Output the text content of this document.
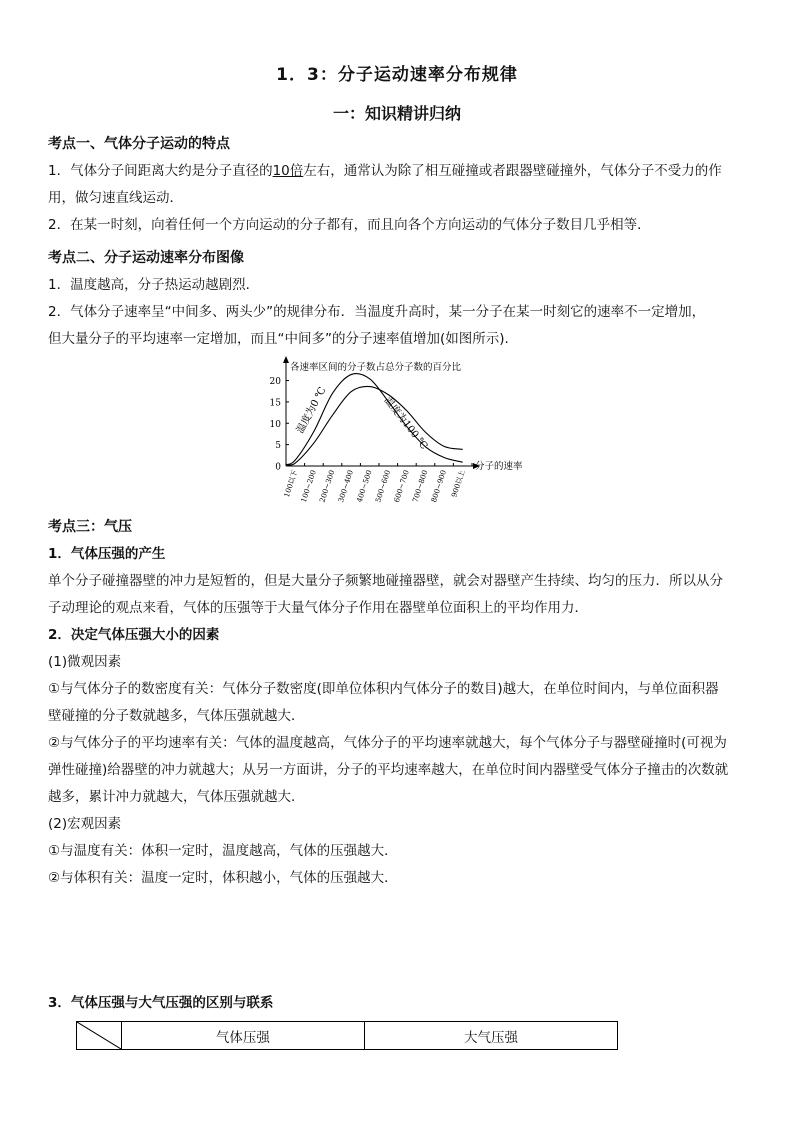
1．3：分子运动速率分布规律
一：知识精讲归纳
考点一、气体分子运动的特点
1．气体分子间距离大约是分子直径的10倍左右，通常认为除了相互碰撞或者跟器壁碰撞外，气体分子不受力的作
用，做匀速直线运动．
2．在某一时刻，向着任何一个方向运动的分子都有，而且向各个方向运动的气体分子数目几乎相等．
考点二、分子运动速率分布图像
1．温度越高，分子热运动越剧烈．
2．气体分子速率呈“中间多、两头少”的规律分布．当温度升高时，某一分子在某一时刻它的速率不一定增加，
但大量分子的平均速率一定增加，而且“中间多”的分子速率值增加(如图所示).
0
5
10
15
20
100以下 100~200 200~300 300~400 400~500 500~600 600~700 700~800 800~900 900以上
各速率区间的分子数占总分子数的百分比
分子的速率
温度为0 ℃	温度为100 ℃
考点三：气压
1．气体压强的产生
单个分子碰撞器壁的冲力是短暂的，但是大量分子频繁地碰撞器壁，就会对器壁产生持续、均匀的压力．所以从分
子动理论的观点来看，气体的压强等于大量气体分子作用在器壁单位面积上的平均作用力．
2．决定气体压强大小的因素
(1)微观因素
①与气体分子的数密度有关：气体分子数密度(即单位体积内气体分子的数目)越大，在单位时间内，与单位面积器
壁碰撞的分子数就越多，气体压强就越大．
②与气体分子的平均速率有关：气体的温度越高，气体分子的平均速率就越大，每个气体分子与器壁碰撞时(可视为
弹性碰撞)给器壁的冲力就越大；从另一方面讲，分子的平均速率越大，在单位时间内器壁受气体分子撞击的次数就
越多，累计冲力就越大，气体压强就越大．
(2)宏观因素
①与温度有关：体积一定时，温度越高，气体的压强越大．
②与体积有关：温度一定时，体积越小，气体的压强越大．
3．气体压强与大气压强的区别与联系
	气体压强	大气压强
